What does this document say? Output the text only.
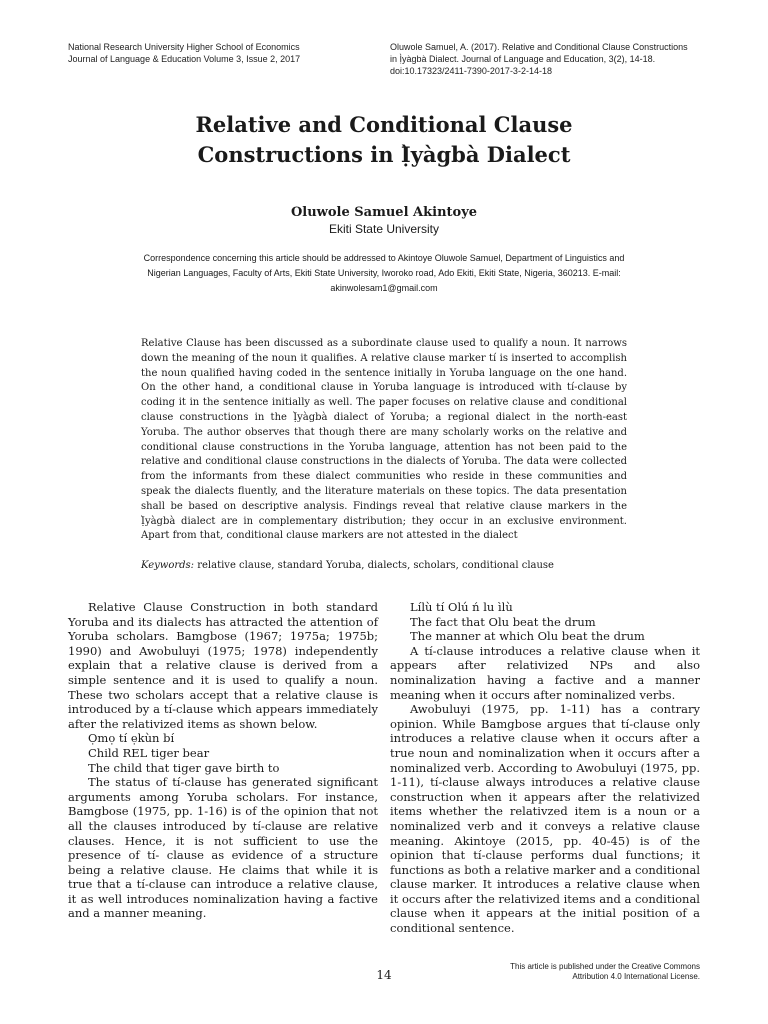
National Research University Higher School of Economics
Journal of Language & Education Volume 3, Issue 2, 2017
Oluwole Samuel, A. (2017). Relative and Conditional Clause Constructions
in Ị̀yàgbà Dialect. Journal of Language and Education, 3(2), 14-18.
doi:10.17323/2411-7390-2017-3-2-14-18
Relative and Conditional Clause
Constructions in Ị̀yàgbà Dialect
Oluwole Samuel Akintoye
Ekiti State University
Correspondence concerning this article should be addressed to Akintoye Oluwole Samuel, Department of Linguistics and Nigerian Languages, Faculty of Arts, Ekiti State University, Iworoko road, Ado Ekiti, Ekiti State, Nigeria, 360213. E-mail: akinwolesam1@gmail.com
Relative Clause has been discussed as a subordinate clause used to qualify a noun. It narrows down the meaning of the noun it qualifies. A relative clause marker tí is inserted to accomplish the noun qualified having coded in the sentence initially in Yoruba language on the one hand. On the other hand, a conditional clause in Yoruba language is introduced with tí-clause by coding it in the sentence initially as well. The paper focuses on relative clause and conditional clause constructions in the Ị̀yàgbà dialect of Yoruba; a regional dialect in the north-east Yoruba. The author observes that though there are many scholarly works on the relative and conditional clause constructions in the Yoruba language, attention has not been paid to the relative and conditional clause constructions in the dialects of Yoruba. The data were collected from the informants from these dialect communities who reside in these communities and speak the dialects fluently, and the literature materials on these topics. The data presentation shall be based on descriptive analysis. Findings reveal that relative clause markers in the Ị̀yàgbà dialect are in complementary distribution; they occur in an exclusive environment. Apart from that, conditional clause markers are not attested in the dialect
Keywords: relative clause, standard Yoruba, dialects, scholars, conditional clause

Relative Clause Construction in both standard Yoruba and its dialects has attracted the attention of Yoruba scholars. Bamgbose (1967; 1975a; 1975b; 1990) and Awobuluyi (1975; 1978) independently explain that a relative clause is derived from a simple sentence and it is used to qualify a noun. These two scholars accept that a relative clause is introduced by a tí-clause which appears immediately after the relativized items as shown below.

Ọmọ tí ẹkùn bí

Child REL tiger bear

The child that tiger gave birth to

The status of tí-clause has generated significant arguments among Yoruba scholars. For instance, Bamgbose (1975, pp. 1-16) is of the opinion that not all the clauses introduced by tí-clause are relative clauses. Hence, it is not sufficient to use the presence of tí- clause as evidence of a structure being a relative clause. He claims that while it is true that a tí-clause can introduce a relative clause, it as well introduces nominalization having a factive and a manner meaning.

Lílù tí Olú ń lu ìlù

The fact that Olu beat the drum

The manner at which Olu beat the drum

A tí-clause introduces a relative clause when it appears after relativized NPs and also nominalization having a factive and a manner meaning when it occurs after nominalized verbs.

Awobuluyi (1975, pp. 1-11) has a contrary opinion. While Bamgbose argues that tí-clause only introduces a relative clause when it occurs after a true noun and nominalization when it occurs after a nominalized verb. According to Awobuluyi (1975, pp. 1-11), tí-clause always introduces a relative clause construction when it appears after the relativized items whether the relativzed item is a noun or a nominalized verb and it conveys a relative clause meaning. Akintoye (2015, pp. 40-45) is of the opinion that tí-clause performs dual functions; it functions as both a relative marker and a conditional clause marker. It introduces a relative clause when it occurs after the relativized items and a conditional clause when it appears at the initial position of a conditional sentence.

14
This article is published under the Creative Commons Attribution 4.0 International License.
